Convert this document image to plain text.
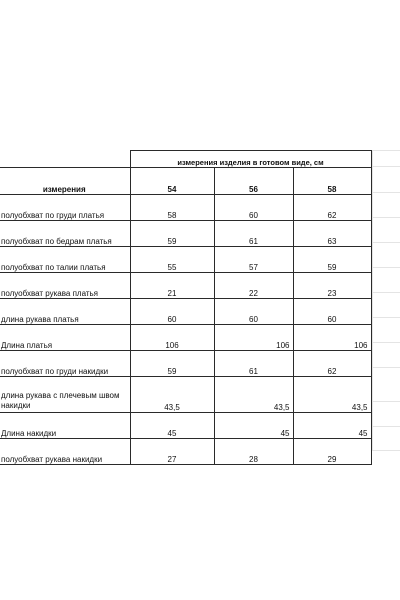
	измерения изделия в готовом виде, см		
измерения	54	56	58
полуобхват по груди платья	58	60	62
полуобхват по бедрам платья	59	61	63
полуобхват по талии платья	55	57	59
полуобхват рукава платья	21	22	23
длина рукава платья	60	60	60
Длина платья	106	106	106
полуобхват по груди накидки	59	61	62
длина рукава с плечевым швом накидки	43,5	43,5	43,5
Длина накидки	45	45	45
полуобхват рукава накидки	27	28	29
